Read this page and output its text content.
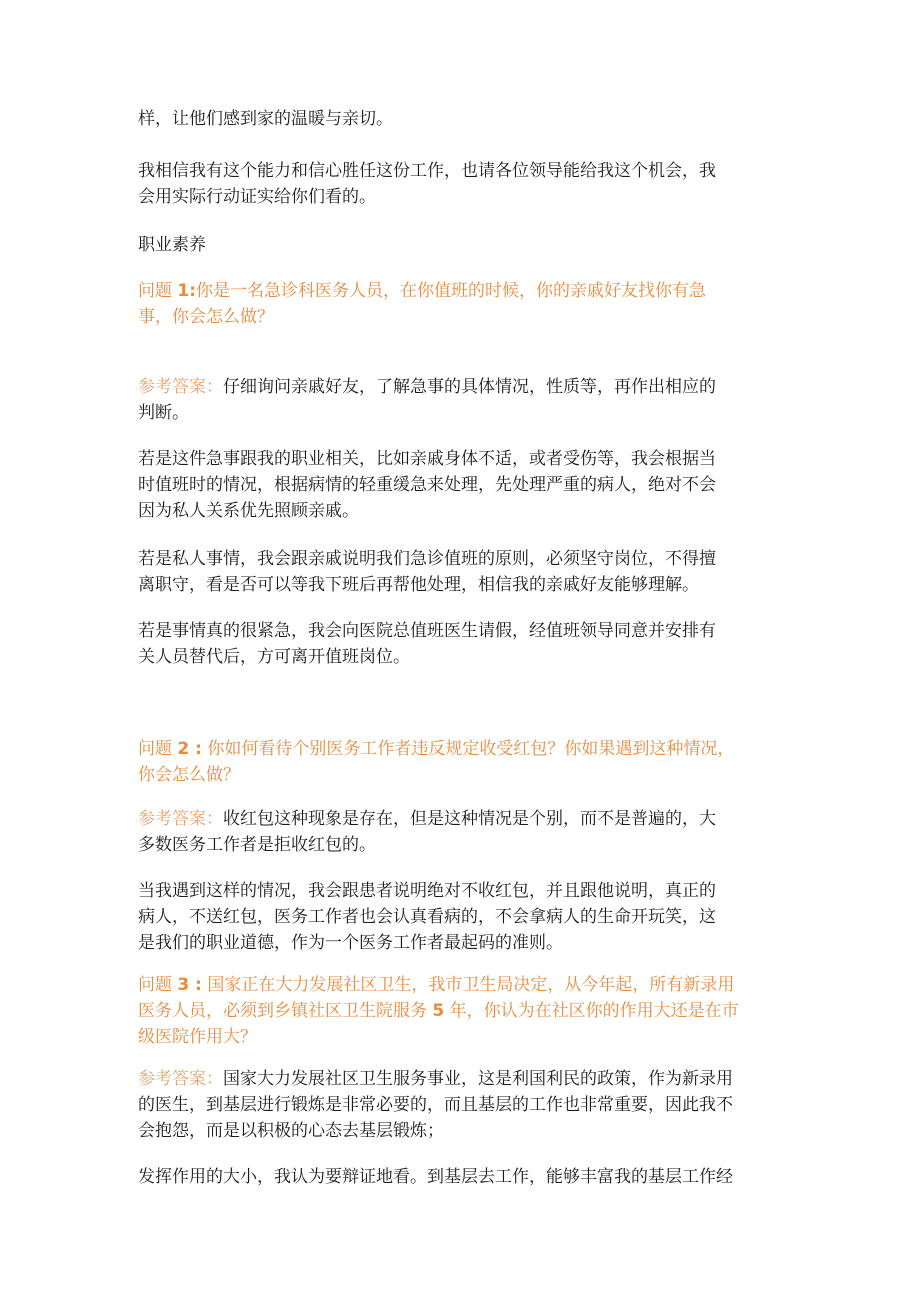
样，让他们感到家的温暖与亲切。

我相信我有这个能力和信心胜任这份工作，也请各位领导能给我这个机会，我

会用实际行动证实给你们看的。

职业素养

问题 1:你是一名急诊科医务人员，在你值班的时候，你的亲戚好友找你有急

事，你会怎么做？

参考答案：仔细询问亲戚好友，了解急事的具体情况，性质等，再作出相应的

判断。

若是这件急事跟我的职业相关，比如亲戚身体不适，或者受伤等，我会根据当

时值班时的情况，根据病情的轻重缓急来处理，先处理严重的病人，绝对不会

因为私人关系优先照顾亲戚。

若是私人事情，我会跟亲戚说明我们急诊值班的原则，必须坚守岗位，不得擅

离职守，看是否可以等我下班后再帮他处理，相信我的亲戚好友能够理解。

若是事情真的很紧急，我会向医院总值班医生请假，经值班领导同意并安排有

关人员替代后，方可离开值班岗位。

问题 2 : 你如何看待个别医务工作者违反规定收受红包？你如果遇到这种情况，

你会怎么做？

参考答案：收红包这种现象是存在，但是这种情况是个别，而不是普遍的，大

多数医务工作者是拒收红包的。

当我遇到这样的情况，我会跟患者说明绝对不收红包，并且跟他说明，真正的

病人，不送红包，医务工作者也会认真看病的，不会拿病人的生命开玩笑，这

是我们的职业道德，作为一个医务工作者最起码的准则。

问题 3 : 国家正在大力发展社区卫生，我市卫生局决定，从今年起，所有新录用

医务人员，必须到乡镇社区卫生院服务 5 年，你认为在社区你的作用大还是在市

级医院作用大？

参考答案：国家大力发展社区卫生服务事业，这是利国利民的政策，作为新录用

的医生，到基层进行锻炼是非常必要的，而且基层的工作也非常重要，因此我不

会抱怨，而是以积极的心态去基层锻炼；

发挥作用的大小，我认为要辩证地看。到基层去工作，能够丰富我的基层工作经
